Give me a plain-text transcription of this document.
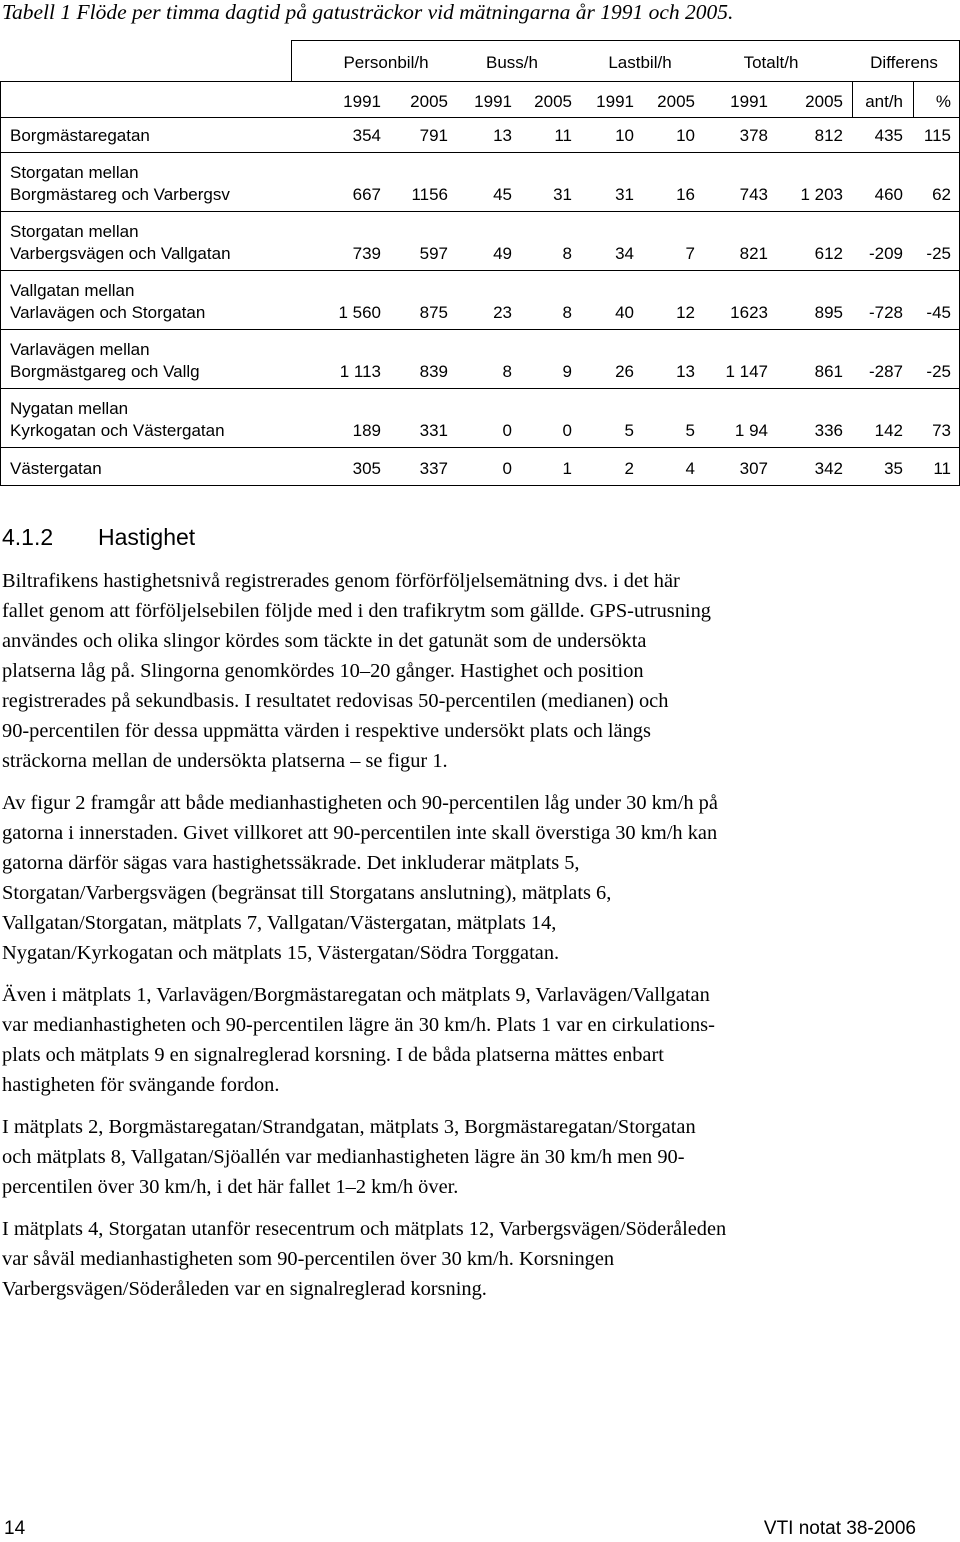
Tabell 1 Flöde per timma dagtid på gatusträckor vid mätningarna år 1991 och 2005.
Personbil/h	Buss/h	Lastbil/h	Totalt/h	Differens
1991	2005	1991	2005	1991	2005	1991	2005	ant/h	%
Borgmästaregatan	354	791	13	11	10	10	378	812	435	115
Storgatan mellan
Borgmästareg och Varbergsv	667	1156	45	31	31	16	743	1 203	460	62
Storgatan mellan
Varbergsvägen och Vallgatan	739	597	49	8	34	7	821	612	-209	-25
Vallgatan mellan
Varlavägen och Storgatan	1 560	875	23	8	40	12	1623	895	-728	-45
Varlavägen mellan
Borgmästgareg och Vallg	1 113	839	8	9	26	13	1 147	861	-287	-25
Nygatan mellan
Kyrkogatan och Västergatan	189	331	0	0	5	5	1 94	336	142	73
Västergatan	305	337	0	1	2	4	307	342	35	11
4.1.2 Hastighet

Biltrafikens hastighetsnivå registrerades genom förförföljelsemätning dvs. i det här
fallet genom att förföljelsebilen följde med i den trafikrytm som gällde. GPS-utrusning
användes och olika slingor kördes som täckte in det gatunät som de undersökta
platserna låg på. Slingorna genomkördes 10–20 gånger. Hastighet och position
registrerades på sekundbasis. I resultatet redovisas 50-percentilen (medianen) och
90-percentilen för dessa uppmätta värden i respektive undersökt plats och längs
sträckorna mellan de undersökta platserna – se figur 1.

Av figur 2 framgår att både medianhastigheten och 90-percentilen låg under 30 km/h på
gatorna i innerstaden. Givet villkoret att 90-percentilen inte skall överstiga 30 km/h kan
gatorna därför sägas vara hastighetssäkrade. Det inkluderar mätplats 5,
Storgatan/Varbergsvägen (begränsat till Storgatans anslutning), mätplats 6,
Vallgatan/Storgatan, mätplats 7, Vallgatan/Västergatan, mätplats 14,
Nygatan/Kyrkogatan och mätplats 15, Västergatan/Södra Torggatan.

Även i mätplats 1, Varlavägen/Borgmästaregatan och mätplats 9, Varlavägen/Vallgatan
var medianhastigheten och 90-percentilen lägre än 30 km/h. Plats 1 var en cirkulations-
plats och mätplats 9 en signalreglerad korsning. I de båda platserna mättes enbart
hastigheten för svängande fordon.

I mätplats 2, Borgmästaregatan/Strandgatan, mätplats 3, Borgmästaregatan/Storgatan
och mätplats 8, Vallgatan/Sjöallén var medianhastigheten lägre än 30 km/h men 90-
percentilen över 30 km/h, i det här fallet 1–2 km/h över.

I mätplats 4, Storgatan utanför resecentrum och mätplats 12, Varbergsvägen/Söderåleden
var såväl medianhastigheten som 90-percentilen över 30 km/h. Korsningen
Varbergsvägen/Söderåleden var en signalreglerad korsning.

14	VTI notat 38-2006
